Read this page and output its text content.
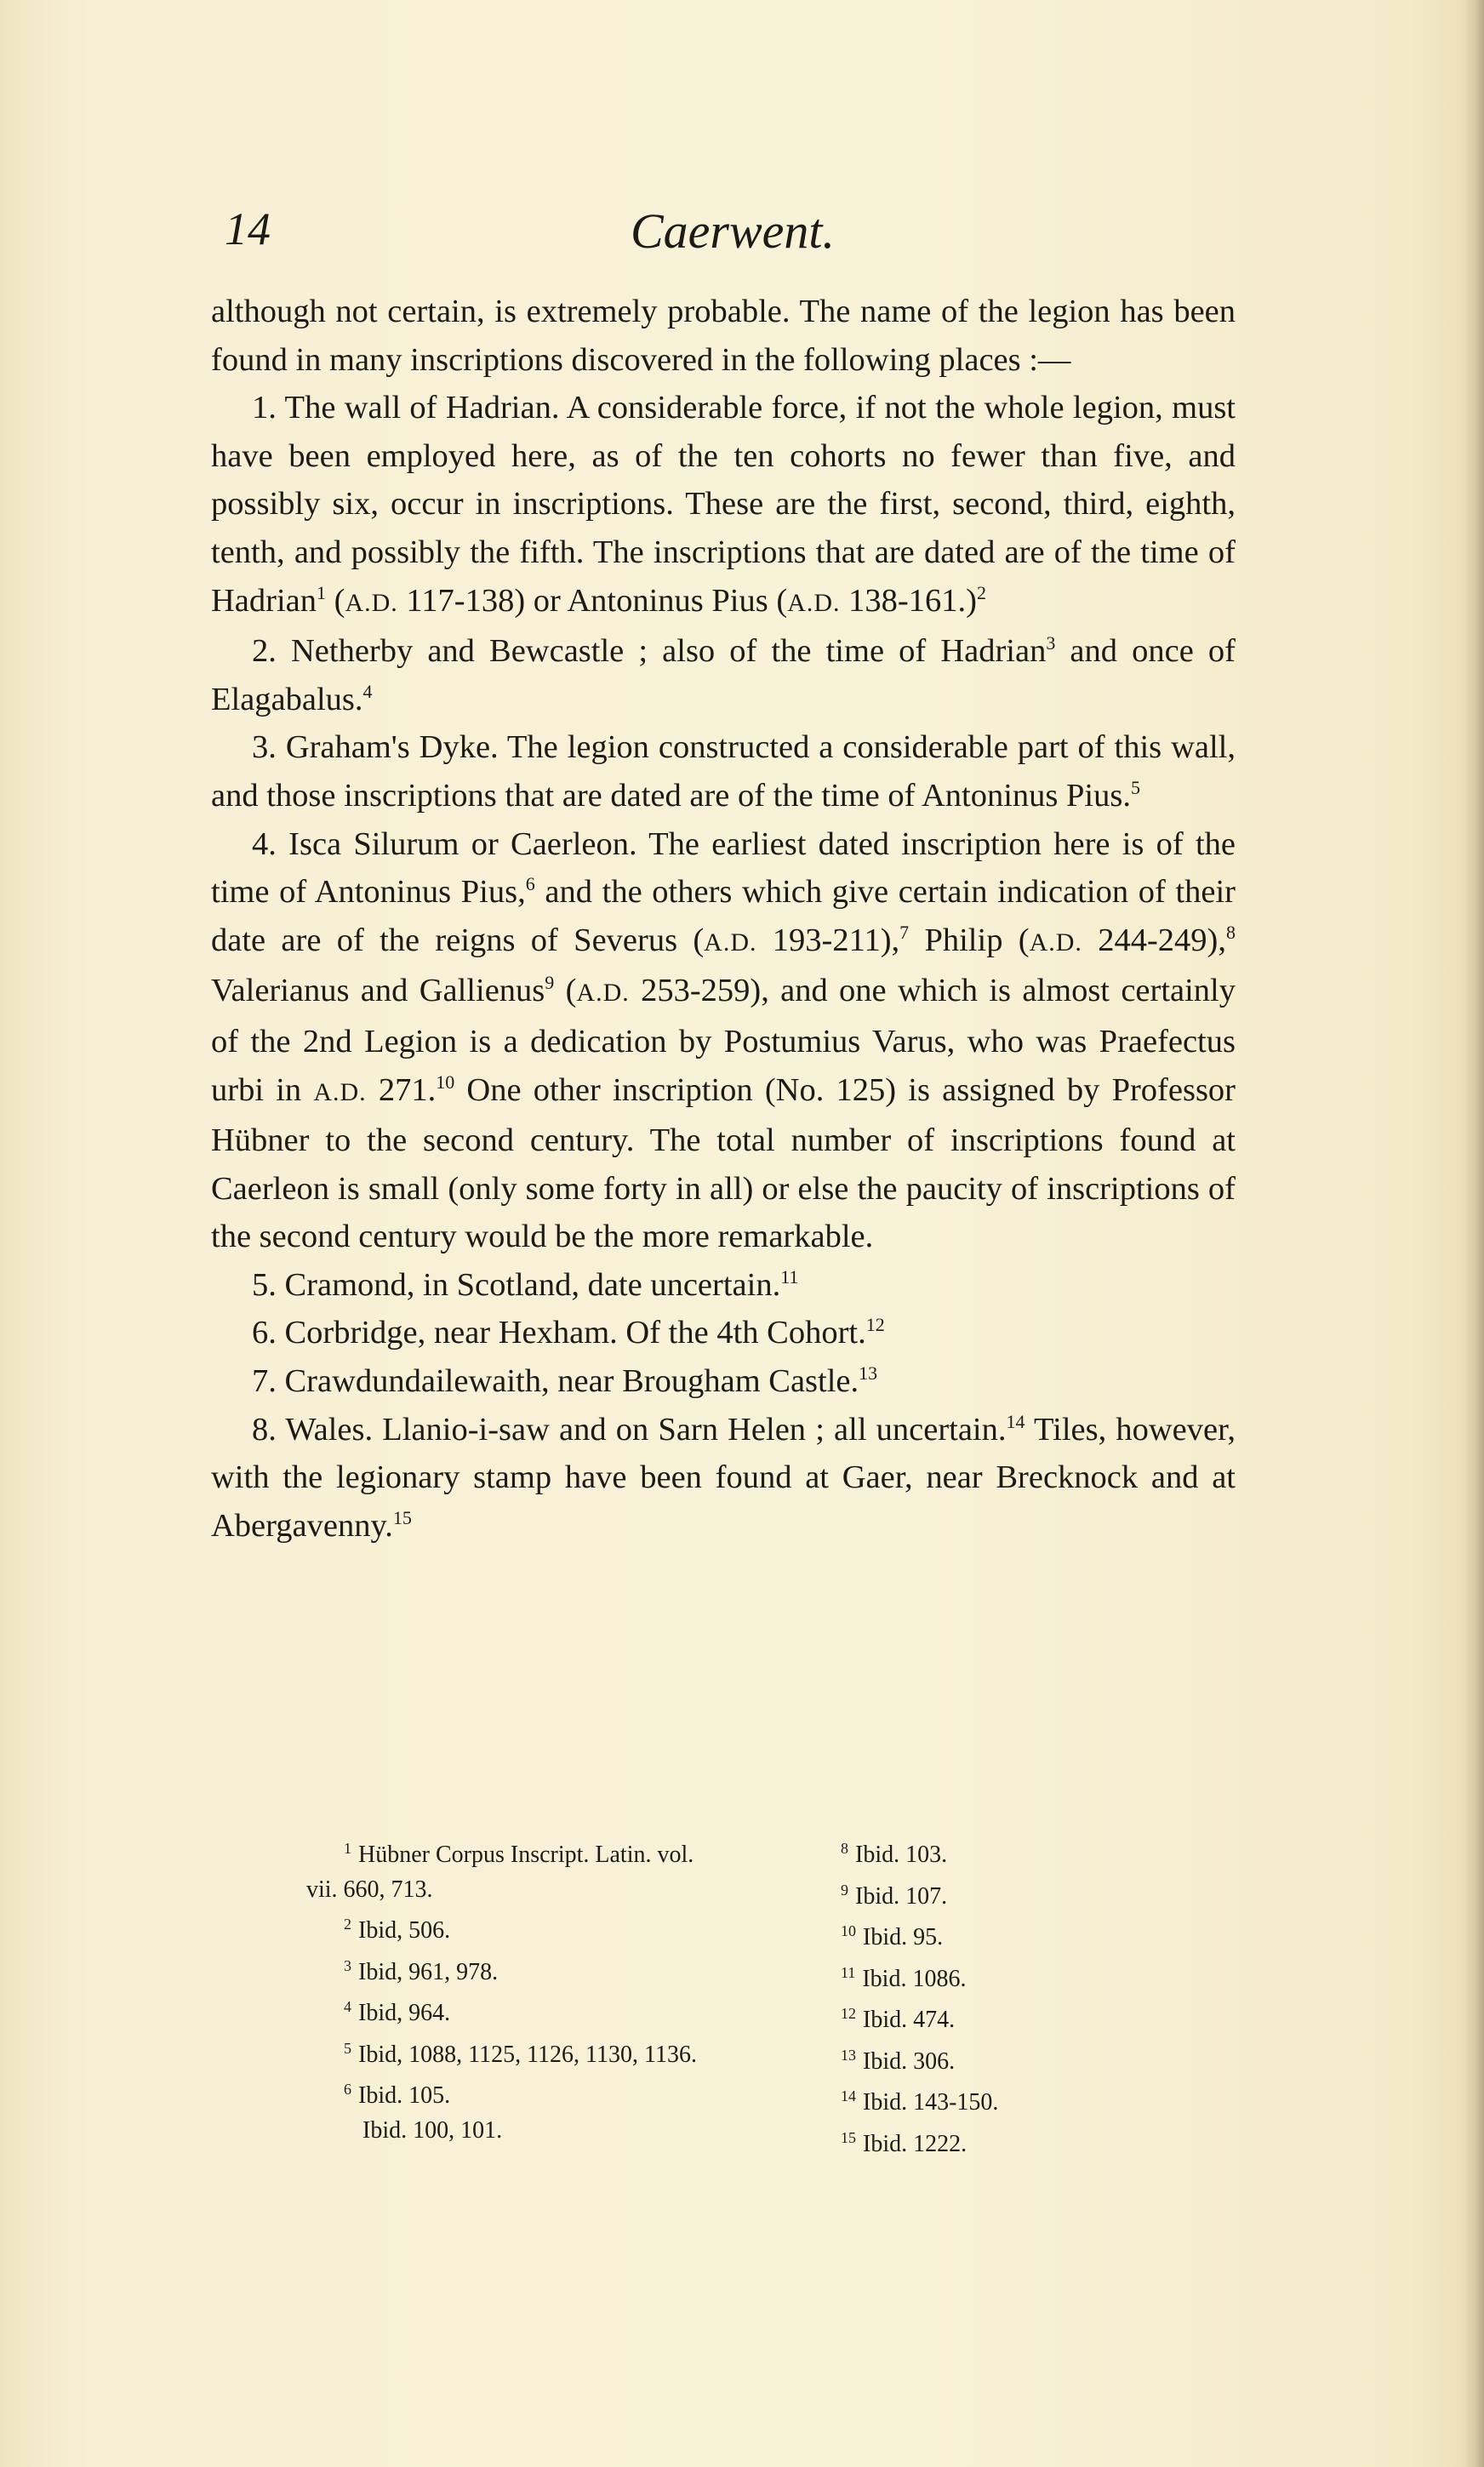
14	Caerwent.

although not certain, is extremely probable. The name of the legion has been found in many inscriptions discovered in the following places :—

1. The wall of Hadrian. A considerable force, if not the whole legion, must have been employed here, as of the ten cohorts no fewer than five, and possibly six, occur in inscriptions. These are the first, second, third, eighth, tenth, and possibly the fifth. The inscriptions that are dated are of the time of Hadrian$^1$ (A.D. 117-138) or Antoninus Pius (A.D. 138-161.)$^2$

2. Netherby and Bewcastle ; also of the time of Hadrian$^3$ and once of Elagabalus.$^4$

3. Graham's Dyke. The legion constructed a considerable part of this wall, and those inscriptions that are dated are of the time of Antoninus Pius.$^5$

4. Isca Silurum or Caerleon. The earliest dated inscription here is of the time of Antoninus Pius,$^6$ and the others which give certain indication of their date are of the reigns of Severus (A.D. 193-211),$^7$ Philip (A.D. 244-249),$^8$ Valerianus and Gallienus$^9$ (A.D. 253-259), and one which is almost certainly of the 2nd Legion is a dedication by Postumius Varus, who was Praefectus urbi in A.D. 271.10 One other inscription (No. 125) is assigned by Professor Hübner to the second century. The total number of inscriptions found at Caerleon is small (only some forty in all) or else the paucity of inscriptions of the second century would be the more remarkable.

5. Cramond, in Scotland, date uncertain.$^{11}$

6. Corbridge, near Hexham. Of the 4th Cohort.$^{12}$

7. Crawdundailewaith, near Brougham Castle.$^{13}$

8. Wales. Llanio-i-saw and on Sarn Helen ; all uncertain.$^{14}$ Tiles, however, with the legionary stamp have been found at Gaer, near Brecknock and at Abergavenny.$^{15}$

$^1$ Hübner Corpus Inscript. Latin. vol.
vii. 660, 713.
$^2$ Ibid, 506.
$^3$ Ibid, 961, 978.
$^4$ Ibid, 964.
$^5$ Ibid, 1088, 1125, 1126, 1130, 1136.
$^6$ Ibid. 105.
Ibid. 100, 101.
$^8$ Ibid. 103.
$^9$ Ibid. 107.
$^{10}$ Ibid. 95.
$^{11}$ Ibid. 1086.
$^{12}$ Ibid. 474.
$^{13}$ Ibid. 306.
$^{14}$ Ibid. 143-150.
$^{15}$ Ibid. 1222.
